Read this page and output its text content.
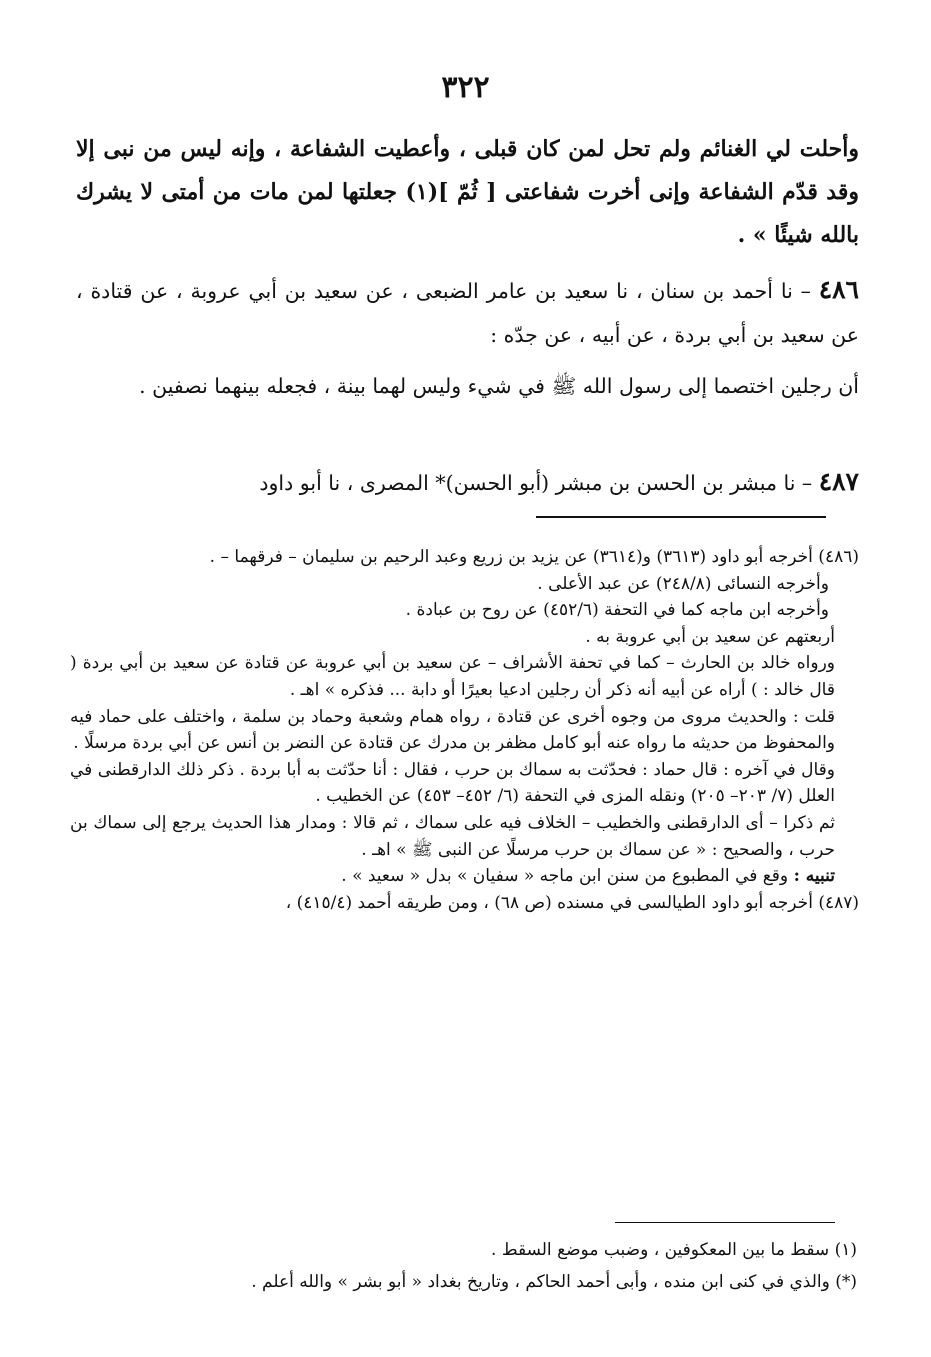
٣٢٢

وأحلت لي الغنائم ولم تحل لمن كان قبلى ، وأعطيت الشفاعة ، وإنه ليس من نبى إلا وقد قدّم الشفاعة وإنى أخرت شفاعتى [ ثُمّ ](١) جعلتها لمن مات من أمتى لا يشرك بالله شيئًا » .

٤٨٦ – نا أحمد بن سنان ، نا سعيد بن عامر الضبعى ، عن سعيد بن أبي عروبة ، عن قتادة ، عن سعيد بن أبي بردة ، عن أبيه ، عن جدّه :

أن رجلين اختصما إلى رسول الله ﷺ في شيء وليس لهما بينة ، فجعله بينهما نصفين .

٤٨٧ – نا مبشر بن الحسن بن مبشر (أبو الحسن)* المصرى ، نا أبو داود

(٤٨٦) أخرجه أبو داود (٣٦١٣) و(٣٦١٤) عن يزيد بن زريع وعبد الرحيم بن سليمان – فرقهما – .

وأخرجه النسائى (٢٤٨/٨) عن عبد الأعلى .

وأخرجه ابن ماجه كما في التحفة (٤٥٢/٦) عن روح بن عبادة .

أربعتهم عن سعيد بن أبي عروبة به .

ورواه خالد بن الحارث – كما في تحفة الأشراف – عن سعيد بن أبي عروبة عن قتادة عن سعيد بن أبي بردة ( قال خالد : ) أراه عن أبيه أنه ذكر أن رجلين ادعيا بعيرًا أو دابة ... فذكره » اهـ .

قلت : والحديث مروى من وجوه أخرى عن قتادة ، رواه همام وشعبة وحماد بن سلمة ، واختلف على حماد فيه والمحفوظ من حديثه ما رواه عنه أبو كامل مظفر بن مدرك عن قتادة عن النضر بن أنس عن أبي بردة مرسلًا .

وقال في آخره : قال حماد : فحدّثت به سماك بن حرب ، فقال : أنا حدّثت به أبا بردة . ذكر ذلك الدارقطنى في العلل (٧/ ٢٠٣– ٢٠٥) ونقله المزى في التحفة (٦/ ٤٥٢– ٤٥٣) عن الخطيب .

ثم ذكرا – أى الدارقطنى والخطيب – الخلاف فيه على سماك ، ثم قالا : ومدار هذا الحديث يرجع إلى سماك بن حرب ، والصحيح : « عن سماك بن حرب مرسلًا عن النبى ﷺ » اهـ .

تنبيه : وقع في المطبوع من سنن ابن ماجه « سفيان » بدل « سعيد » .

(٤٨٧) أخرجه أبو داود الطيالسى في مسنده (ص ٦٨) ، ومن طريقه أحمد (٤١٥/٤) ،

(١) سقط ما بين المعكوفين ، وضبب موضع السقط .

(*) والذي في كنى ابن منده ، وأبى أحمد الحاكم ، وتاريخ بغداد « أبو بشر » والله أعلم .
